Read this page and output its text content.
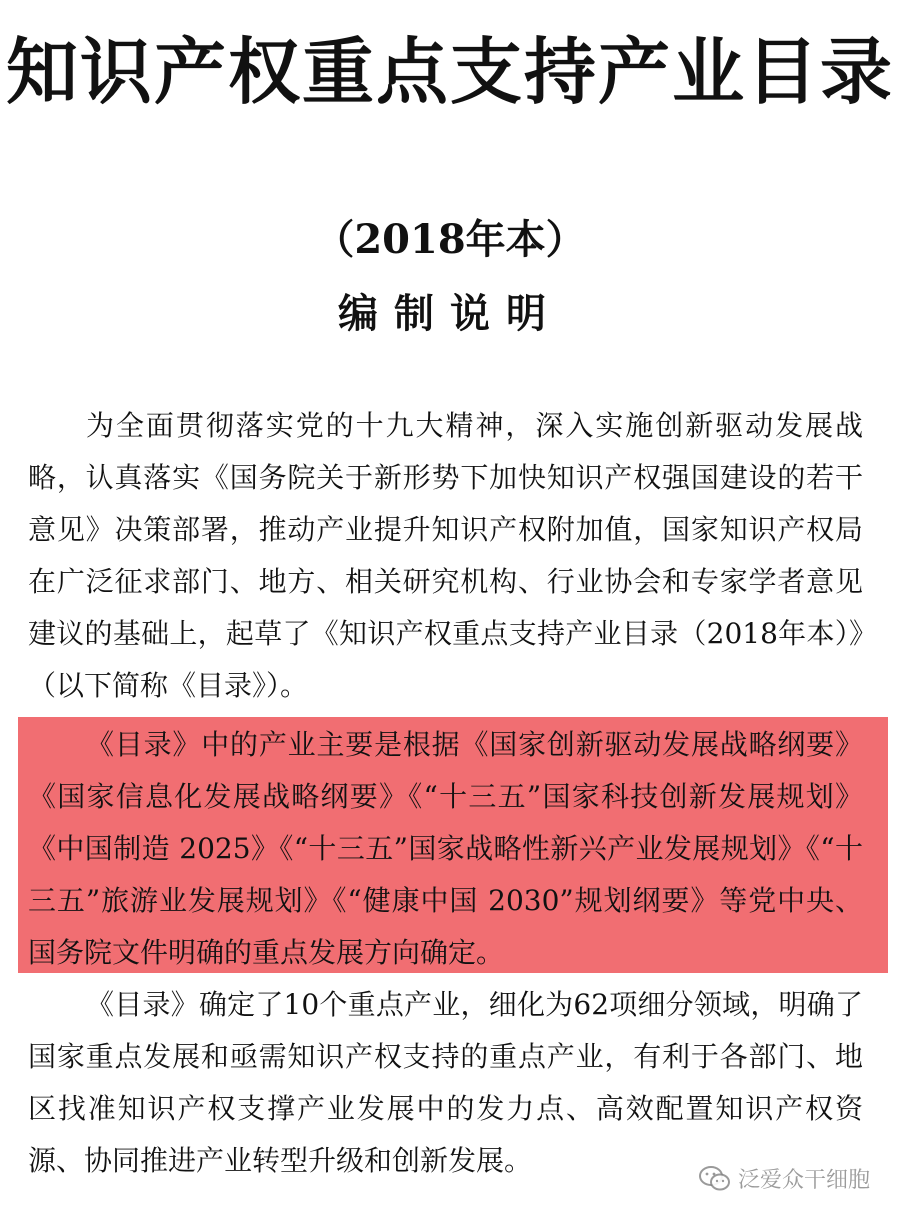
知识产权重点支持产业目录
（2018年本）
编制说明

为全面贯彻落实党的十九大精神，深入实施创新驱动发展战略，认真落实《国务院关于新形势下加快知识产权强国建设的若干意见》决策部署，推动产业提升知识产权附加值，国家知识产权局在广泛征求部门、地方、相关研究机构、行业协会和专家学者意见建议的基础上，起草了《知识产权重点支持产业目录（2018年本）》（以下简称《目录》）。

《目录》中的产业主要是根据《国家创新驱动发展战略纲要》《国家信息化发展战略纲要》《“十三五”国家科技创新发展规划》《中国制造 2025》《“十三五”国家战略性新兴产业发展规划》《“十三五”旅游业发展规划》《“健康中国 2030”规划纲要》等党中央、国务院文件明确的重点发展方向确定。

《目录》确定了10个重点产业，细化为62项细分领域，明确了国家重点发展和亟需知识产权支持的重点产业，有利于各部门、地区找准知识产权支撑产业发展中的发力点、高效配置知识产权资源、协同推进产业转型升级和创新发展。

泛爱众干细胞
